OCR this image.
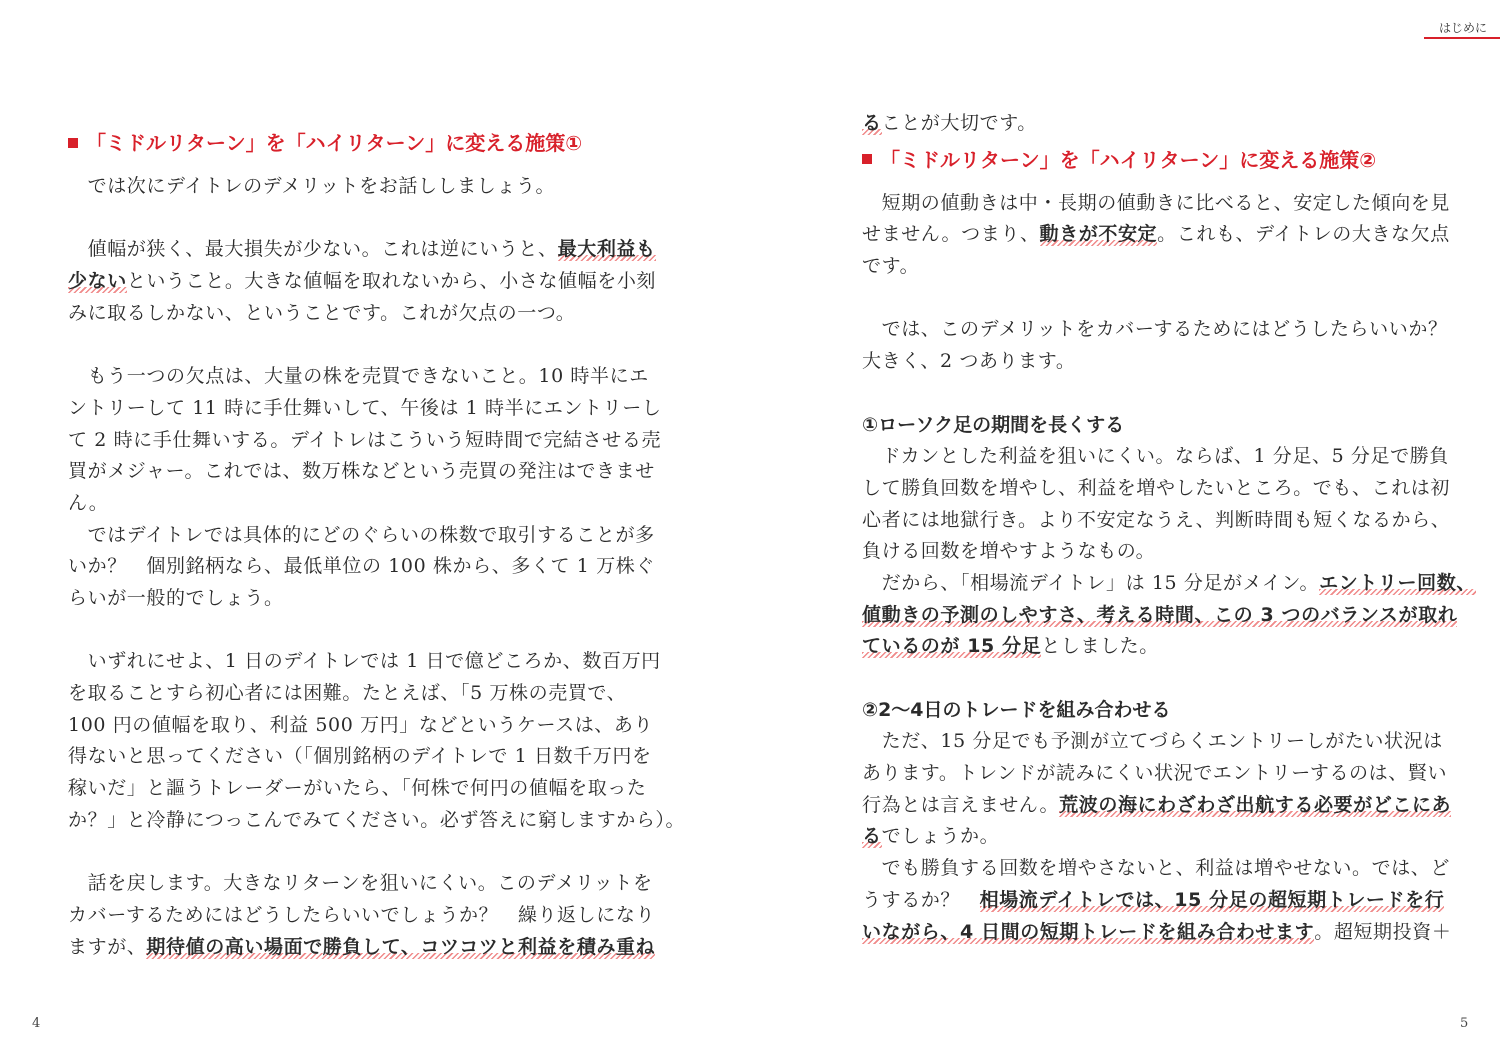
「ミドルリターン」を「ハイリターン」に変える施策①
　では次にデイトレのデメリットをお話ししましょう。
　値幅が狭く、最大損失が少ない。これは逆にいうと、最大利益も
少ないということ。大きな値幅を取れないから、小さな値幅を小刻
みに取るしかない、ということです。これが欠点の一つ。
　もう一つの欠点は、大量の株を売買できないこと。10 時半にエ
ントリーして 11 時に手仕舞いして、午後は 1 時半にエントリーし
て 2 時に手仕舞いする。デイトレはこういう短時間で完結させる売
買がメジャー。これでは、数万株などという売買の発注はできませ
ん。
　ではデイトレでは具体的にどのぐらいの株数で取引することが多
いか？　個別銘柄なら、最低単位の 100 株から、多くて 1 万株ぐ
らいが一般的でしょう。
　いずれにせよ、1 日のデイトレでは 1 日で億どころか、数百万円
を取ることすら初心者には困難。たとえば、「5 万株の売買で、
100 円の値幅を取り、利益 500 万円」などというケースは、あり
得ないと思ってください（「個別銘柄のデイトレで 1 日数千万円を
稼いだ」と謳うトレーダーがいたら、「何株で何円の値幅を取った
か？」と冷静につっこんでみてください。必ず答えに窮しますから）。
　話を戻します。大きなリターンを狙いにくい。このデメリットを
カバーするためにはどうしたらいいでしょうか？　繰り返しになり
ますが、期待値の高い場面で勝負して、コツコツと利益を積み重ね
4
はじめに
ることが大切です。
「ミドルリターン」を「ハイリターン」に変える施策②
　短期の値動きは中・長期の値動きに比べると、安定した傾向を見
せません。つまり、動きが不安定。これも、デイトレの大きな欠点
です。
　では、このデメリットをカバーするためにはどうしたらいいか？
大きく、2 つあります。
①ローソク足の期間を長くする
　ドカンとした利益を狙いにくい。ならば、1 分足、5 分足で勝負
して勝負回数を増やし、利益を増やしたいところ。でも、これは初
心者には地獄行き。より不安定なうえ、判断時間も短くなるから、
負ける回数を増やすようなもの。
　だから、「相場流デイトレ」は 15 分足がメイン。エントリー回数、
値動きの予測のしやすさ、考える時間、この 3 つのバランスが取れ
ているのが 15 分足としました。
②2～4日のトレードを組み合わせる
　ただ、15 分足でも予測が立てづらくエントリーしがたい状況は
あります。トレンドが読みにくい状況でエントリーするのは、賢い
行為とは言えません。荒波の海にわざわざ出航する必要がどこにあ
るでしょうか。
　でも勝負する回数を増やさないと、利益は増やせない。では、ど
うするか？　相場流デイトレでは、15 分足の超短期トレードを行
いながら、4 日間の短期トレードを組み合わせます。超短期投資＋
5
